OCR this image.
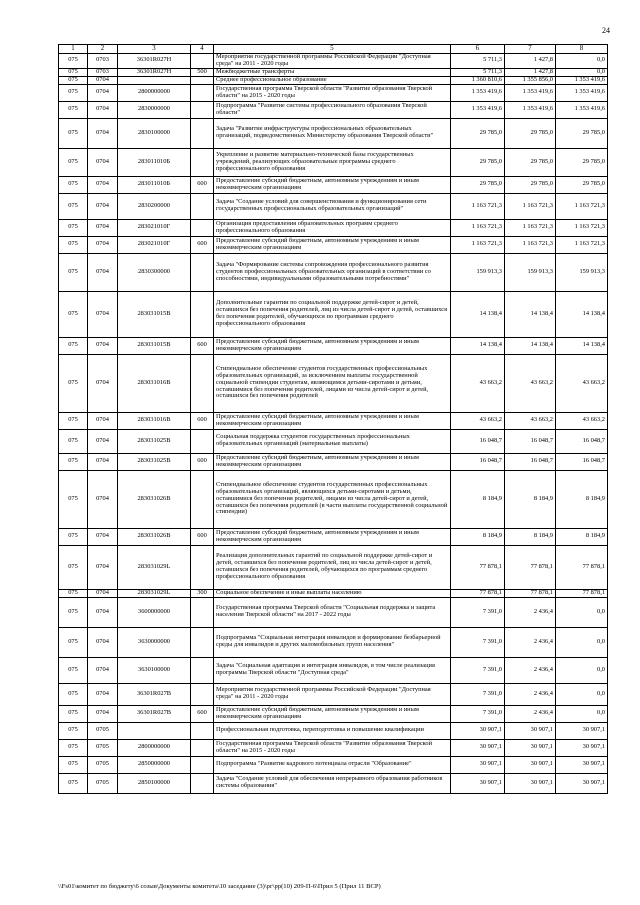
24
1	2	3	4	5	6	7	8
075	0703	36301R027Н		Мероприятия государственной программы Российской Федерации "Доступная среда" на 2011 - 2020 годы	5 711,3	1 427,8	0,0
075	0703	36301R027Н	500	Межбюджетные трансферты	5 711,3	1 427,8	0,0
075	0704			Среднее профессиональное образование	1 360 810,6	1 355 856,0	1 353 419,6
075	0704	2800000000		Государственная программа Тверской области "Развитие образования Тверской области" на 2015 - 2020 годы	1 353 419,6	1 353 419,6	1 353 419,6
075	0704	2830000000		Подпрограмма "Развитие системы профессионального образования Тверской области"	1 353 419,6	1 353 419,6	1 353 419,6
075	0704	2830100000		Задача "Развитие инфраструктуры профессиональных образовательных организаций, подведомственных Министерству образования Тверской области"	29 785,0	29 785,0	29 785,0
075	0704	283011010Б		Укрепление и развитие материально-технической базы государственных учреждений, реализующих образовательные программы среднего профессионального образования	29 785,0	29 785,0	29 785,0
075	0704	283011010Б	600	Предоставление субсидий бюджетным, автономным учреждениям и иным некоммерческим организациям	29 785,0	29 785,0	29 785,0
075	0704	2830200000		Задача "Создание условий для совершенствования и функционирования сети государственных профессиональных образовательных организаций"	1 163 721,3	1 163 721,3	1 163 721,3
075	0704	283021010Г		Организация предоставления образовательных программ среднего профессионального образования	1 163 721,3	1 163 721,3	1 163 721,3
075	0704	283021010Г	600	Предоставление субсидий бюджетным, автономным учреждениям и иным некоммерческим организациям	1 163 721,3	1 163 721,3	1 163 721,3
075	0704	2830300000		Задача "Формирование системы сопровождения профессионального развития студентов профессиональных образовательных организаций в соответствии со способностями, индивидуальными образовательными потребностями"	159 913,3	159 913,3	159 913,3
075	0704	283031015В		Дополнительные гарантии по социальной поддержке детей-сирот и детей, оставшихся без попечения родителей, лиц из числа детей-сирот и детей, оставшихся без попечения родителей, обучающихся по программам среднего профессионального образования	14 138,4	14 138,4	14 138,4
075	0704	283031015В	600	Предоставление субсидий бюджетным, автономным учреждениям и иным некоммерческим организациям	14 138,4	14 138,4	14 138,4
075	0704	283031016В		Стипендиальное обеспечение студентов государственных профессиональных образовательных организаций, за исключением выплаты государственной социальной стипендии студентам, являющимся детьми-сиротами и детьми, оставшимися без попечения родителей, лицами из числа детей-сирот и детей, оставшихся без попечения родителей	43 663,2	43 663,2	43 663,2
075	0704	283031016В	600	Предоставление субсидий бюджетным, автономным учреждениям и иным некоммерческим организациям	43 663,2	43 663,2	43 663,2
075	0704	283031025В		Социальная поддержка студентов государственных профессиональных образовательных организаций (материальные выплаты)	16 048,7	16 048,7	16 048,7
075	0704	283031025В	600	Предоставление субсидий бюджетным, автономным учреждениям и иным некоммерческим организациям	16 048,7	16 048,7	16 048,7
075	0704	283031026В		Стипендиальное обеспечение студентов государственных профессиональных образовательных организаций, являющихся детьми-сиротами и детьми, оставшимися без попечения родителей, лицами из числа детей-сирот и детей, оставшихся без попечения родителей (в части выплаты государственной социальной стипендии)	8 184,9	8 184,9	8 184,9
075	0704	283031026В	600	Предоставление субсидий бюджетным, автономным учреждениям и иным некоммерческим организациям	8 184,9	8 184,9	8 184,9
075	0704	283031029L		Реализация дополнительных гарантий по социальной поддержке детей-сирот и детей, оставшихся без попечения родителей, лиц из числа детей-сирот и детей, оставшихся без попечения родителей, обучающихся по программам среднего профессионального образования	77 878,1	77 878,1	77 878,1
075	0704	283031029L	300	Социальное обеспечение и иные выплаты населению	77 878,1	77 878,1	77 878,1
075	0704	3600000000		Государственная программа Тверской области "Социальная поддержка и защита населения Тверской области" на 2017 - 2022 годы	7 391,0	2 436,4	0,0
075	0704	3630000000		Подпрограмма "Социальная интеграция инвалидов и формирование безбарьерной среды для инвалидов и других маломобильных групп населения"	7 391,0	2 436,4	0,0
075	0704	3630100000		Задача "Социальная адаптация и интеграция инвалидов, в том числе реализация программы Тверской области "Доступная среда"	7 391,0	2 436,4	0,0
075	0704	36301R027В		Мероприятия государственной программы Российской Федерации "Доступная среда" на 2011 - 2020 годы	7 391,0	2 436,4	0,0
075	0704	36301R027В	600	Предоставление субсидий бюджетным, автономным учреждениям и иным некоммерческим организациям	7 391,0	2 436,4	0,0
075	0705			Профессиональная подготовка, переподготовка и повышение квалификации	30 907,1	30 907,1	30 907,1
075	0705	2800000000		Государственная программа Тверской области "Развитие образования Тверской области" на 2015 - 2020 годы	30 907,1	30 907,1	30 907,1
075	0705	2850000000		Подпрограмма "Развитие кадрового потенциала отрасли "Образование"	30 907,1	30 907,1	30 907,1
075	0705	2850100000		Задача "Создание условий для обеспечения непрерывного образования работников системы образования"	30 907,1	30 907,1	30 907,1
\\Fs01\комитет по бюджету\6 созыв\Документы комитета\10 заседание (3)\рг\рр(10) 209-П-6\Прил 5 (Прил 11 ВСР)
